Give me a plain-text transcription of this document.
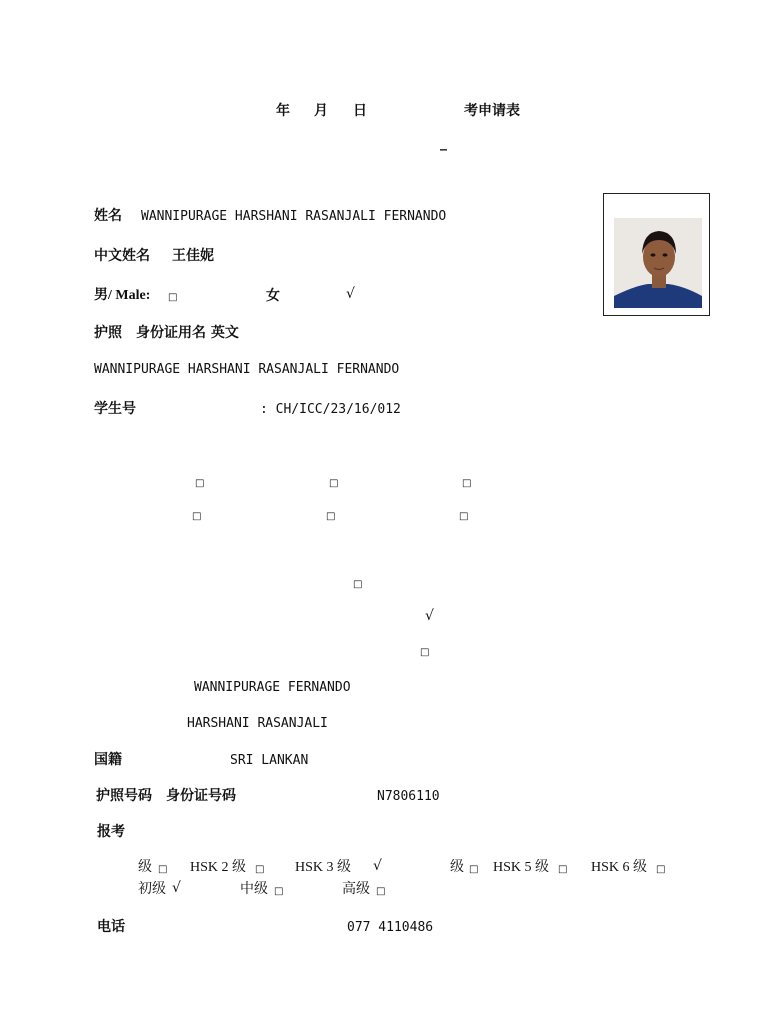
年 月 日	考申请表
_
姓名 WANNIPURAGE HARSHANI RASANJALI FERNANDO
中文姓名 王佳妮
男/ Male: □	女	√
护照　身份证用名 英文
WANNIPURAGE HARSHANI RASANJALI FERNANDO
学生号	: CH/ICC/23/16/012
□	□	□
□	□	□
□
√
□
WANNIPURAGE FERNANDO
HARSHANI RASANJALI
国籍	SRI LANKAN
护照号码　身份证号码	N7806110
报考
级 □ HSK 2 级 □ HSK 3 级 √	级 □ HSK 5 级 □ HSK 6 级 □
初级 √	中级 □	高级 □
电话	077 4110486
